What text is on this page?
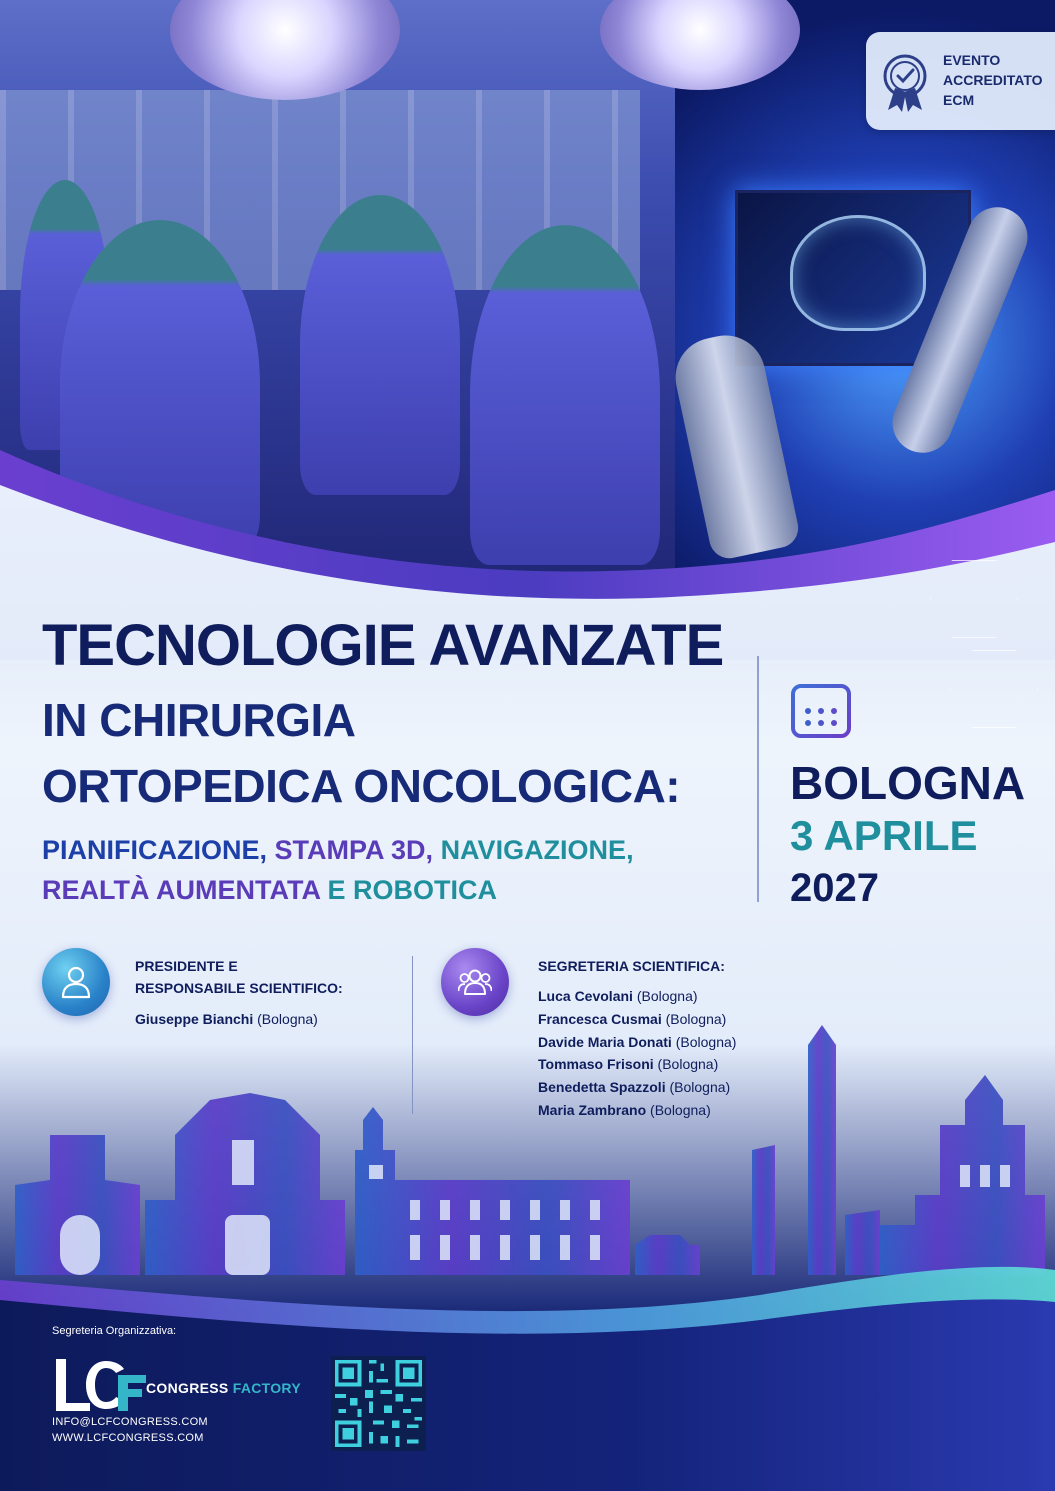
EVENTO
ACCREDITATO
ECM
TECNOLOGIE AVANZATE
IN CHIRURGIA
ORTOPEDICA ONCOLOGICA:
PIANIFICAZIONE, STAMPA 3D, NAVIGAZIONE,
REALTÀ AUMENTATA E ROBOTICA
BOLOGNA
3 APRILE
2027
PRESIDENTE E
RESPONSABILE SCIENTIFICO:
Giuseppe Bianchi (Bologna)
SEGRETERIA SCIENTIFICA:
Luca Cevolani (Bologna)
Francesca Cusmai (Bologna)
Davide Maria Donati (Bologna)
Tommaso Frisoni (Bologna)
Benedetta Spazzoli (Bologna)
Maria Zambrano (Bologna)
Segreteria Organizzativa:
CONGRESS FACTORY
INFO@LCFCONGRESS.COM
WWW.LCFCONGRESS.COM
